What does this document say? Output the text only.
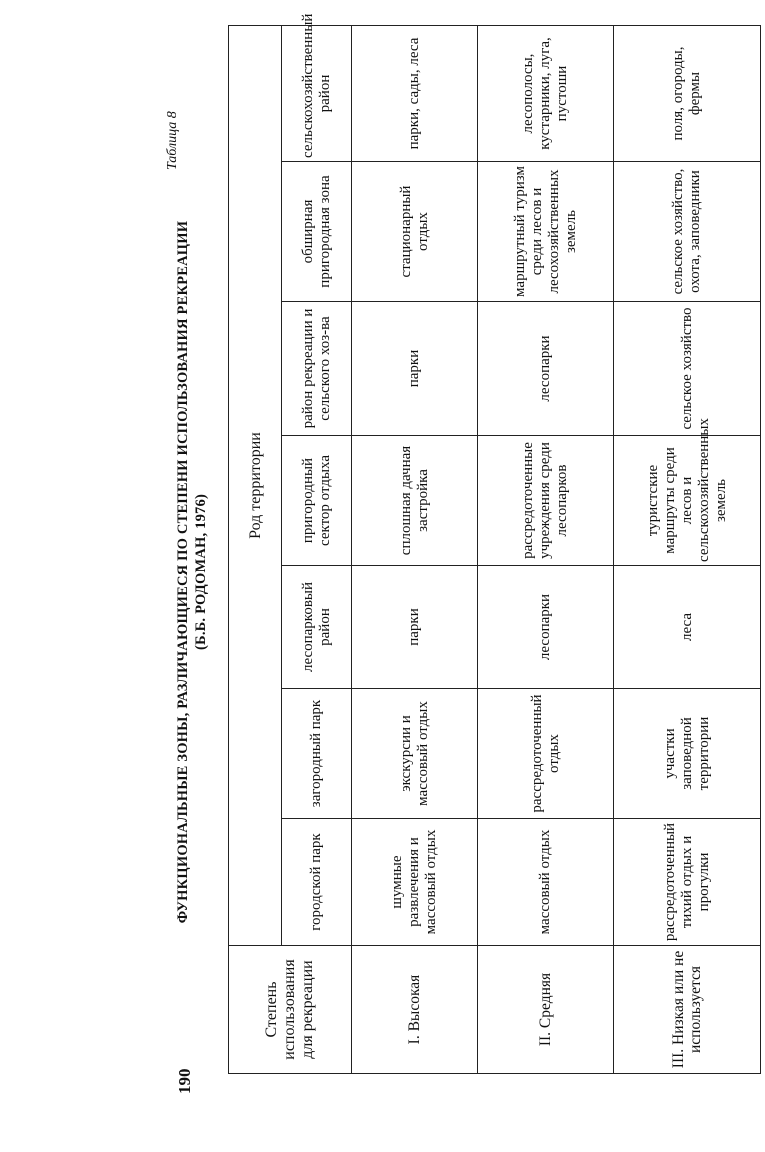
190
Таблица 8
ФУНКЦИОНАЛЬНЫЕ ЗОНЫ, РАЗЛИЧАЮЩИЕСЯ ПО СТЕПЕНИ ИСПОЛЬЗОВАНИЯ РЕКРЕАЦИИ (Б.Б. РОДОМАН, 1976)
Степень использования для рекреации	Род территории						
	городской парк	загородный парк	лесопарковый район	пригородный сектор отдыха	район рекреации и сельского хоз-ва	обширная пригородная зона	сельскохозяйственный район
I. Высокая	шумные развлечения и массовый отдых	экскурсии и массовый отдых	парки	сплошная дачная застройка	парки	стационарный отдых	парки, сады, леса
II. Средняя	массовый отдых	рассредоточенный отдых	лесопарки	рассредоточенные учреждения среди лесопарков	лесопарки	маршрутный туризм среди лесов и лесохозяйственных земель	лесополосы, кустарники, луга, пустоши
III. Низкая или не используется	рассредоточенный тихий отдых и прогулки	участки заповедной территории	леса	туристские маршруты среди лесов и сельскохозяйственных земель	сельское хозяйство	сельское хозяйство, охота, заповедники	поля, огороды, фермы
